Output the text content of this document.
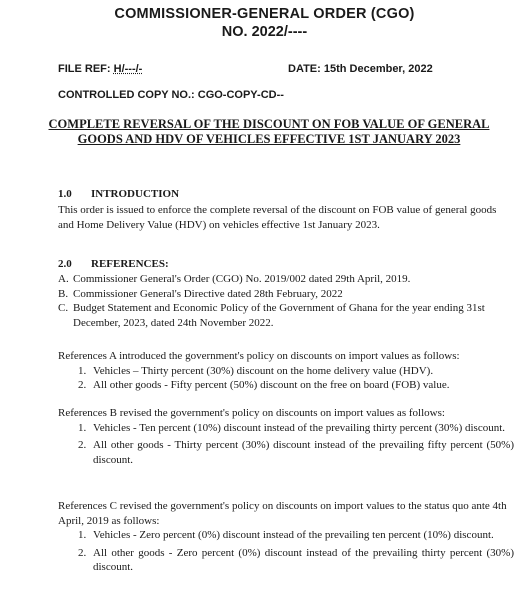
COMMISSIONER-GENERAL ORDER (CGO)
NO. 2022/----
FILE REF: H/---/-	DATE: 15th December, 2022
CONTROLLED COPY NO.: CGO-COPY-CD--
COMPLETE REVERSAL OF THE DISCOUNT ON FOB VALUE OF GENERAL GOODS AND HDV OF VEHICLES EFFECTIVE 1ST JANUARY 2023
1.0	INTRODUCTION
This order is issued to enforce the complete reversal of the discount on FOB value of general goods and Home Delivery Value (HDV) on vehicles effective 1st January 2023.
2.0	REFERENCES:
A. Commissioner General's Order (CGO) No. 2019/002 dated 29th April, 2019.
B. Commissioner General's Directive dated 28th February, 2022
C. Budget Statement and Economic Policy of the Government of Ghana for the year ending 31st December, 2023, dated 24th November 2022.
References A introduced the government's policy on discounts on import values as follows:
1. Vehicles – Thirty percent (30%) discount on the home delivery value (HDV).
2. All other goods - Fifty percent (50%) discount on the free on board (FOB) value.
References B revised the government's policy on discounts on import values as follows:
1. Vehicles - Ten percent (10%) discount instead of the prevailing thirty percent (30%) discount.
2. All other goods - Thirty percent (30%) discount instead of the prevailing fifty percent (50%) discount.
References C revised the government's policy on discounts on import values to the status quo ante 4th April, 2019 as follows:
1. Vehicles - Zero percent (0%) discount instead of the prevailing ten percent (10%) discount.
2. All other goods - Zero percent (0%) discount instead of the prevailing thirty percent (30%) discount.
